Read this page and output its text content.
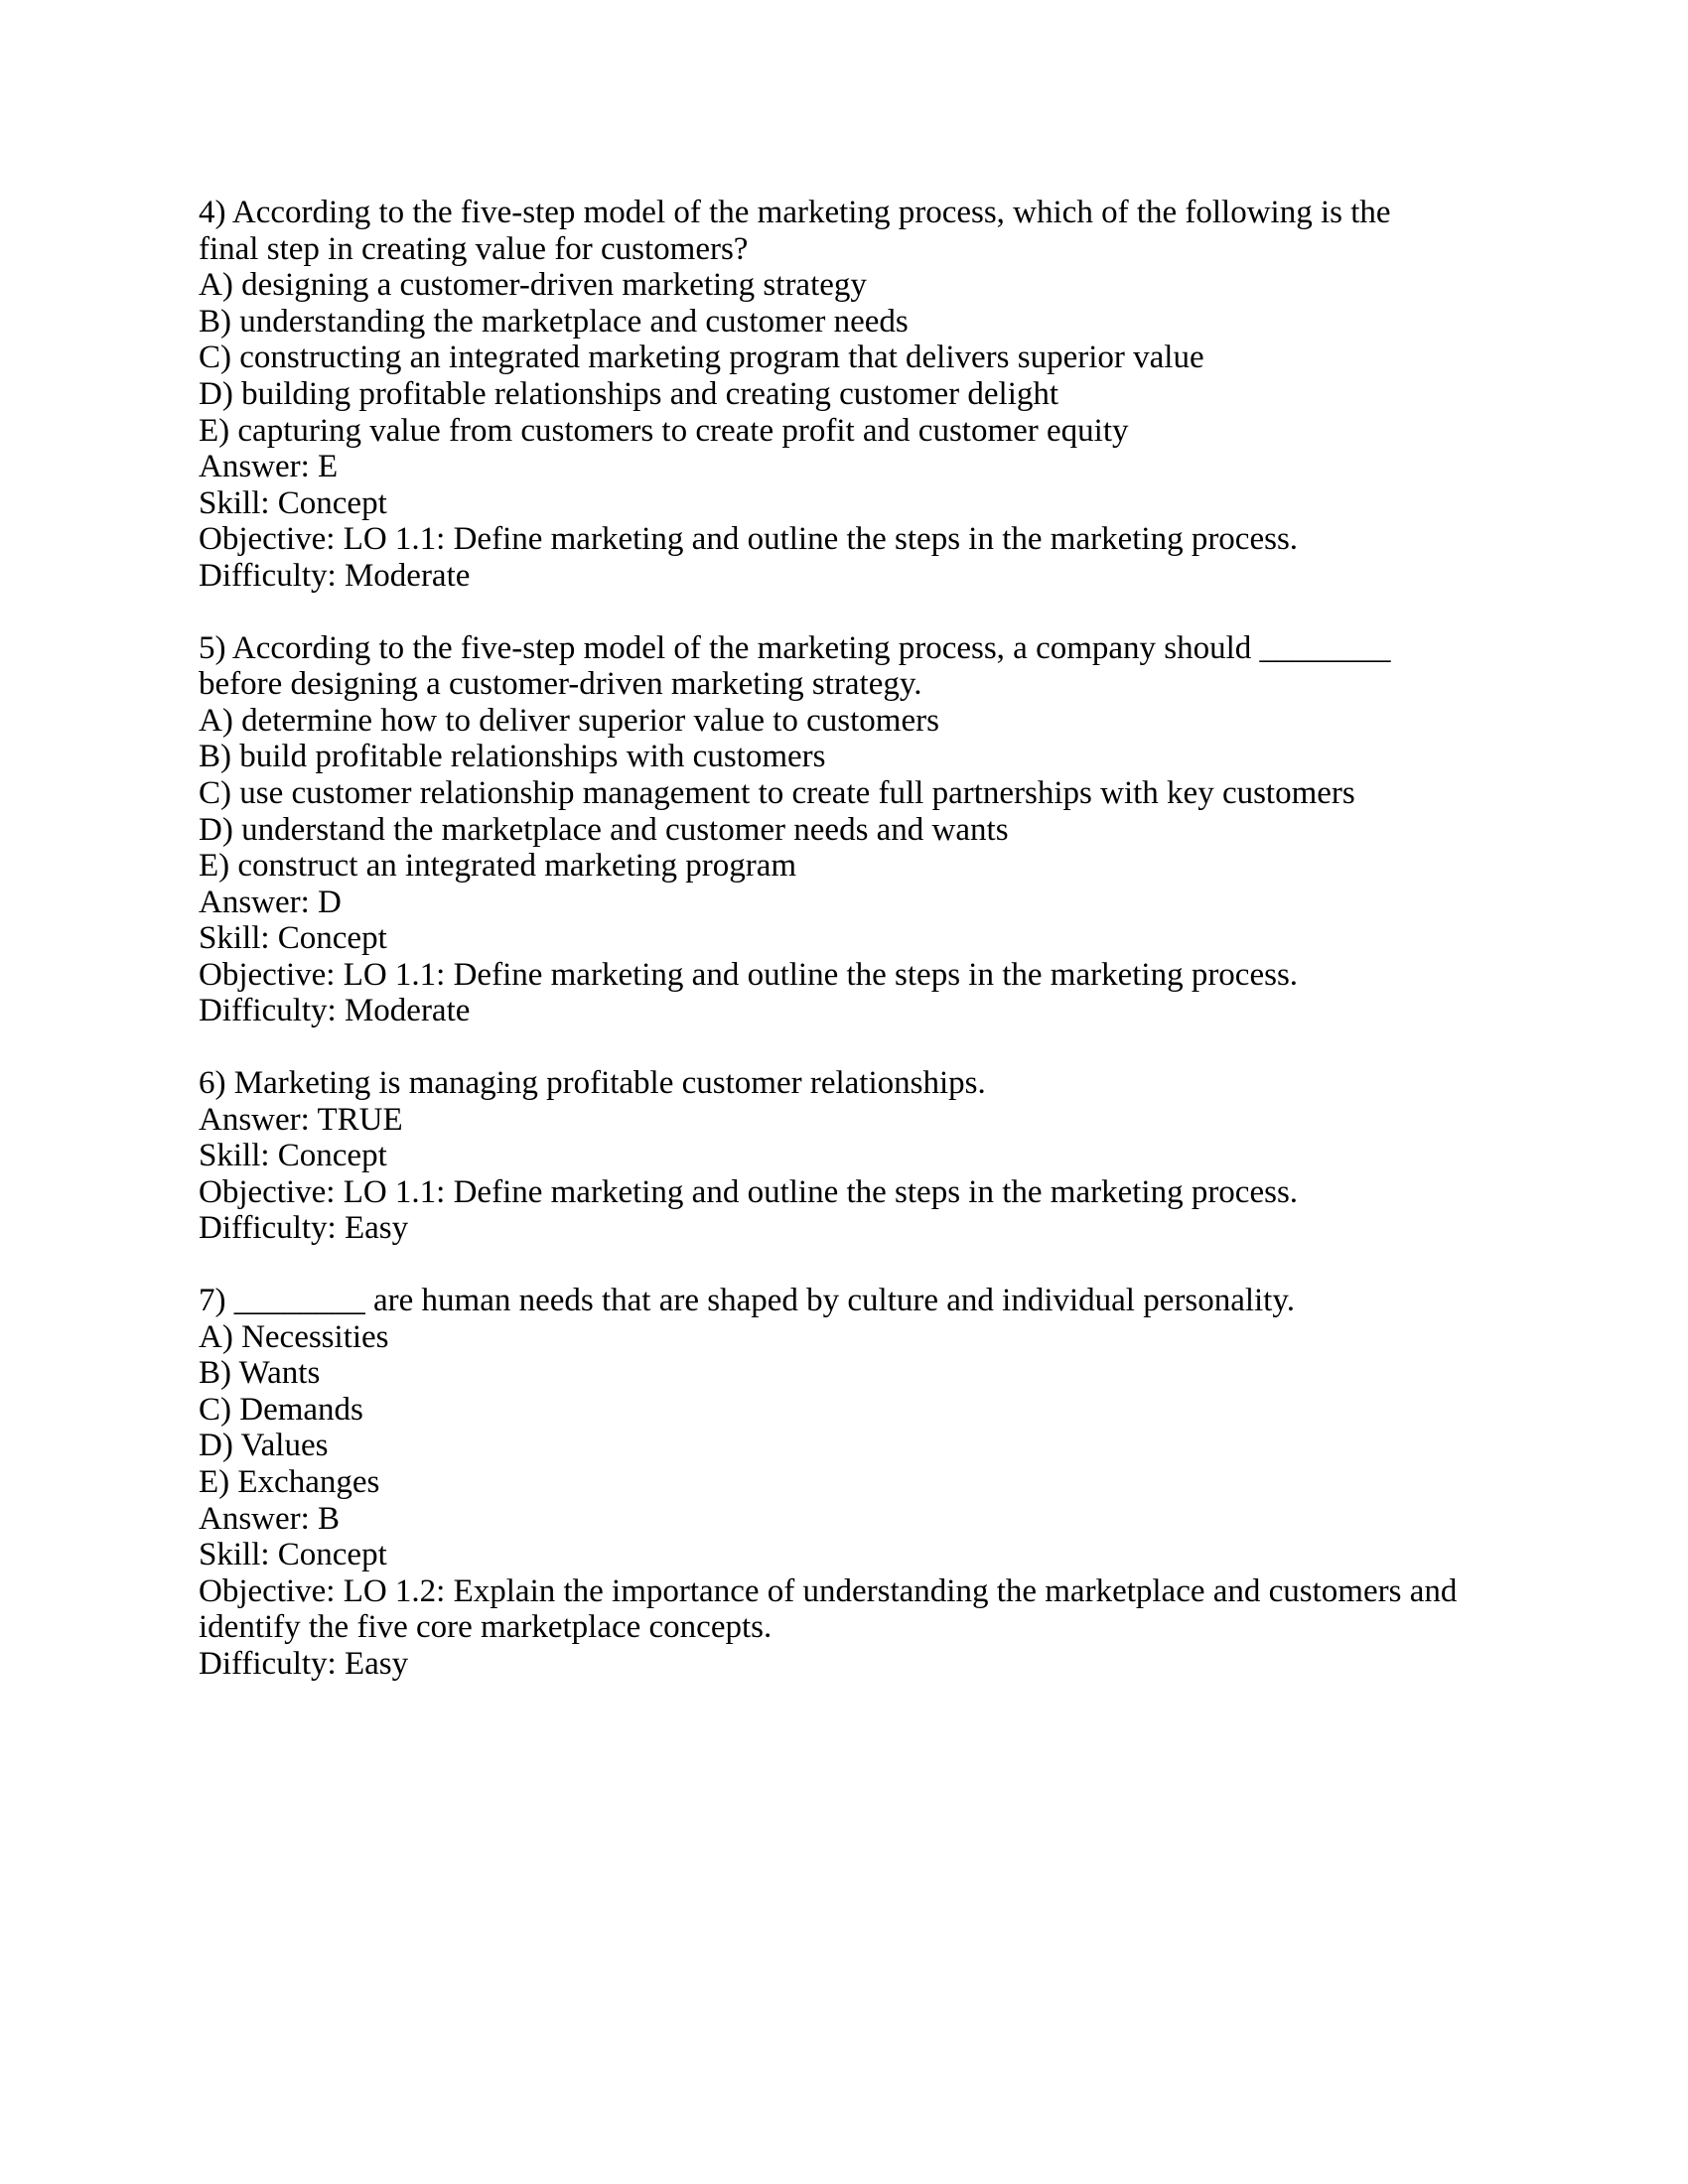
4) According to the five-step model of the marketing process, which of the following is the final step in creating value for customers?
A) designing a customer-driven marketing strategy
B) understanding the marketplace and customer needs
C) constructing an integrated marketing program that delivers superior value
D) building profitable relationships and creating customer delight
E) capturing value from customers to create profit and customer equity
Answer: E
Skill: Concept
Objective: LO 1.1: Define marketing and outline the steps in the marketing process.
Difficulty: Moderate
5) According to the five-step model of the marketing process, a company should ________ before designing a customer-driven marketing strategy.
A) determine how to deliver superior value to customers
B) build profitable relationships with customers
C) use customer relationship management to create full partnerships with key customers
D) understand the marketplace and customer needs and wants
E) construct an integrated marketing program
Answer: D
Skill: Concept
Objective: LO 1.1: Define marketing and outline the steps in the marketing process.
Difficulty: Moderate
6) Marketing is managing profitable customer relationships.
Answer: TRUE
Skill: Concept
Objective: LO 1.1: Define marketing and outline the steps in the marketing process.
Difficulty: Easy
7) ________ are human needs that are shaped by culture and individual personality.
A) Necessities
B) Wants
C) Demands
D) Values
E) Exchanges
Answer: B
Skill: Concept
Objective: LO 1.2: Explain the importance of understanding the marketplace and customers and identify the five core marketplace concepts.
Difficulty: Easy
